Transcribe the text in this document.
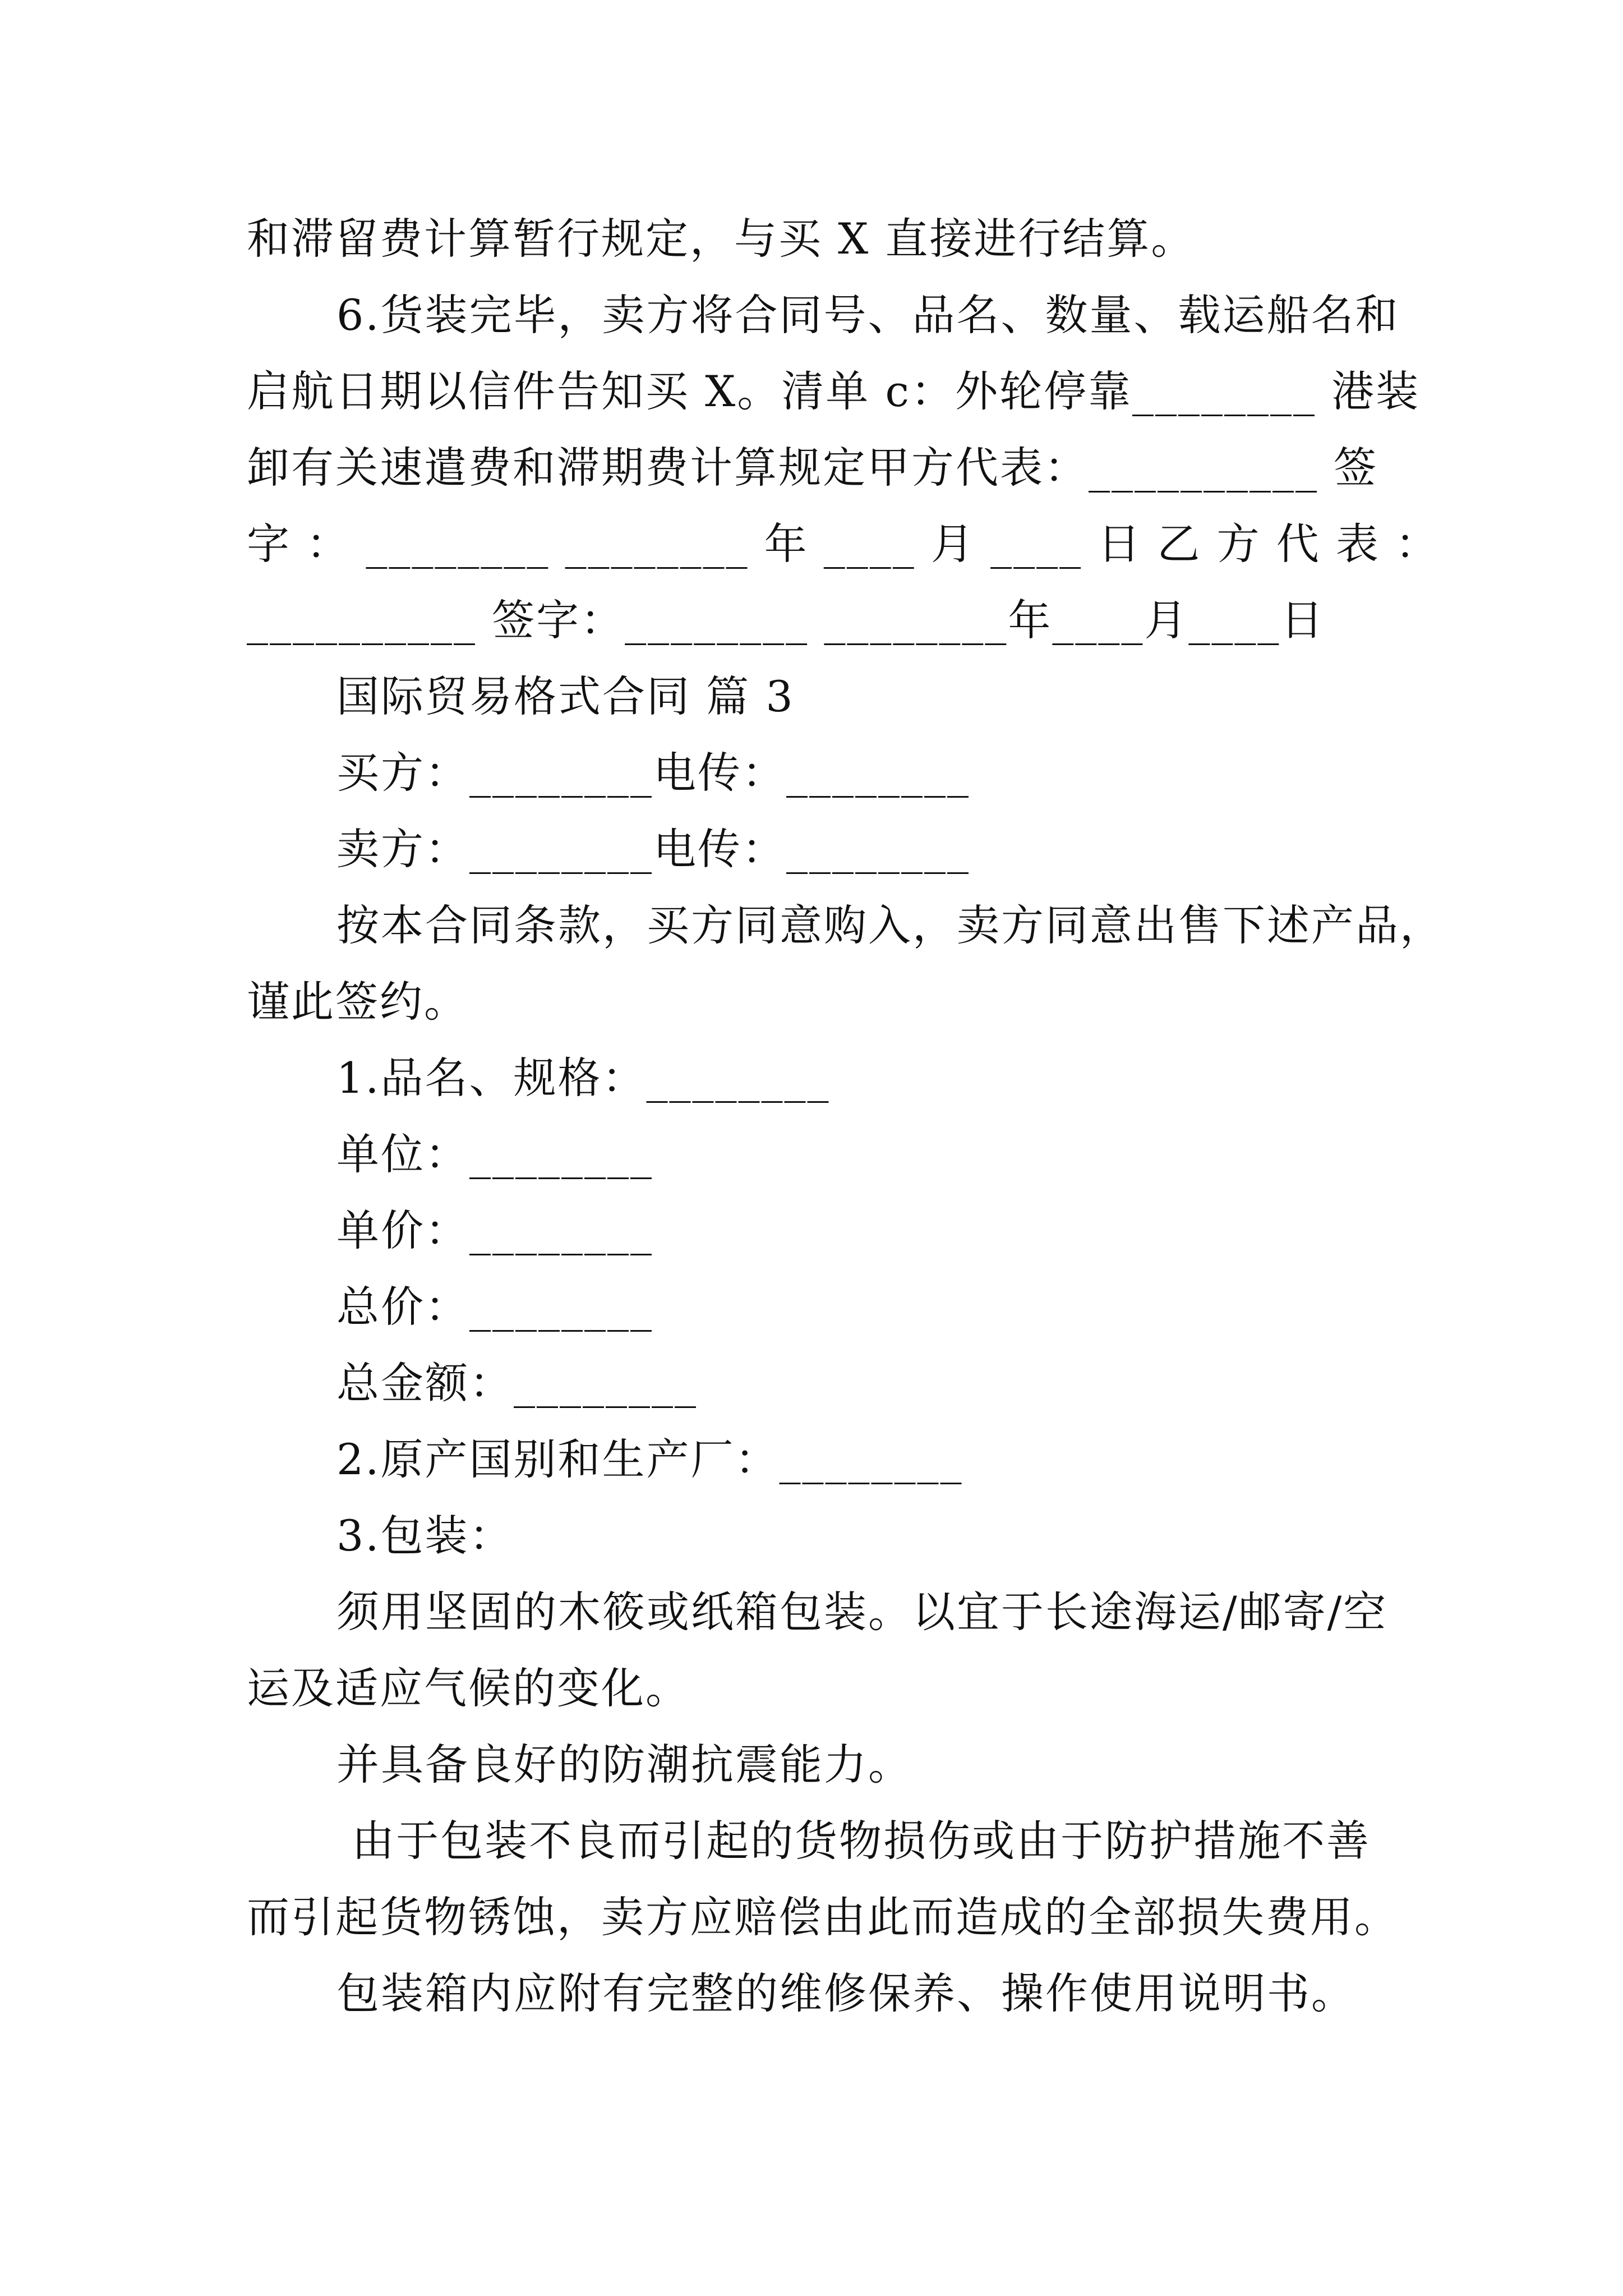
和滞留费计算暂行规定，与买 X 直接进行结算。
6.货装完毕，卖方将合同号、品名、数量、载运船名和
启航日期以信件告知买 X。清单 c：外轮停靠________ 港装
卸有关速遣费和滞期费计算规定甲方代表：__________ 签
字 ： ________ ________ 年 ____ 月 ____ 日 乙 方 代 表 ：
__________ 签字：________ ________年____月____日
国际贸易格式合同 篇 3
买方：________电传：________
卖方：________电传：________
按本合同条款，买方同意购入，卖方同意出售下述产品，
谨此签约。
1.品名、规格：________
单位：________
单价：________
总价：________
总金额：________
2.原产国别和生产厂：________
3.包装：
须用坚固的木筱或纸箱包装。以宜于长途海运/邮寄/空
运及适应气候的变化。
并具备良好的防潮抗震能力。
由于包装不良而引起的货物损伤或由于防护措施不善
而引起货物锈蚀，卖方应赔偿由此而造成的全部损失费用。
包装箱内应附有完整的维修保养、操作使用说明书。
